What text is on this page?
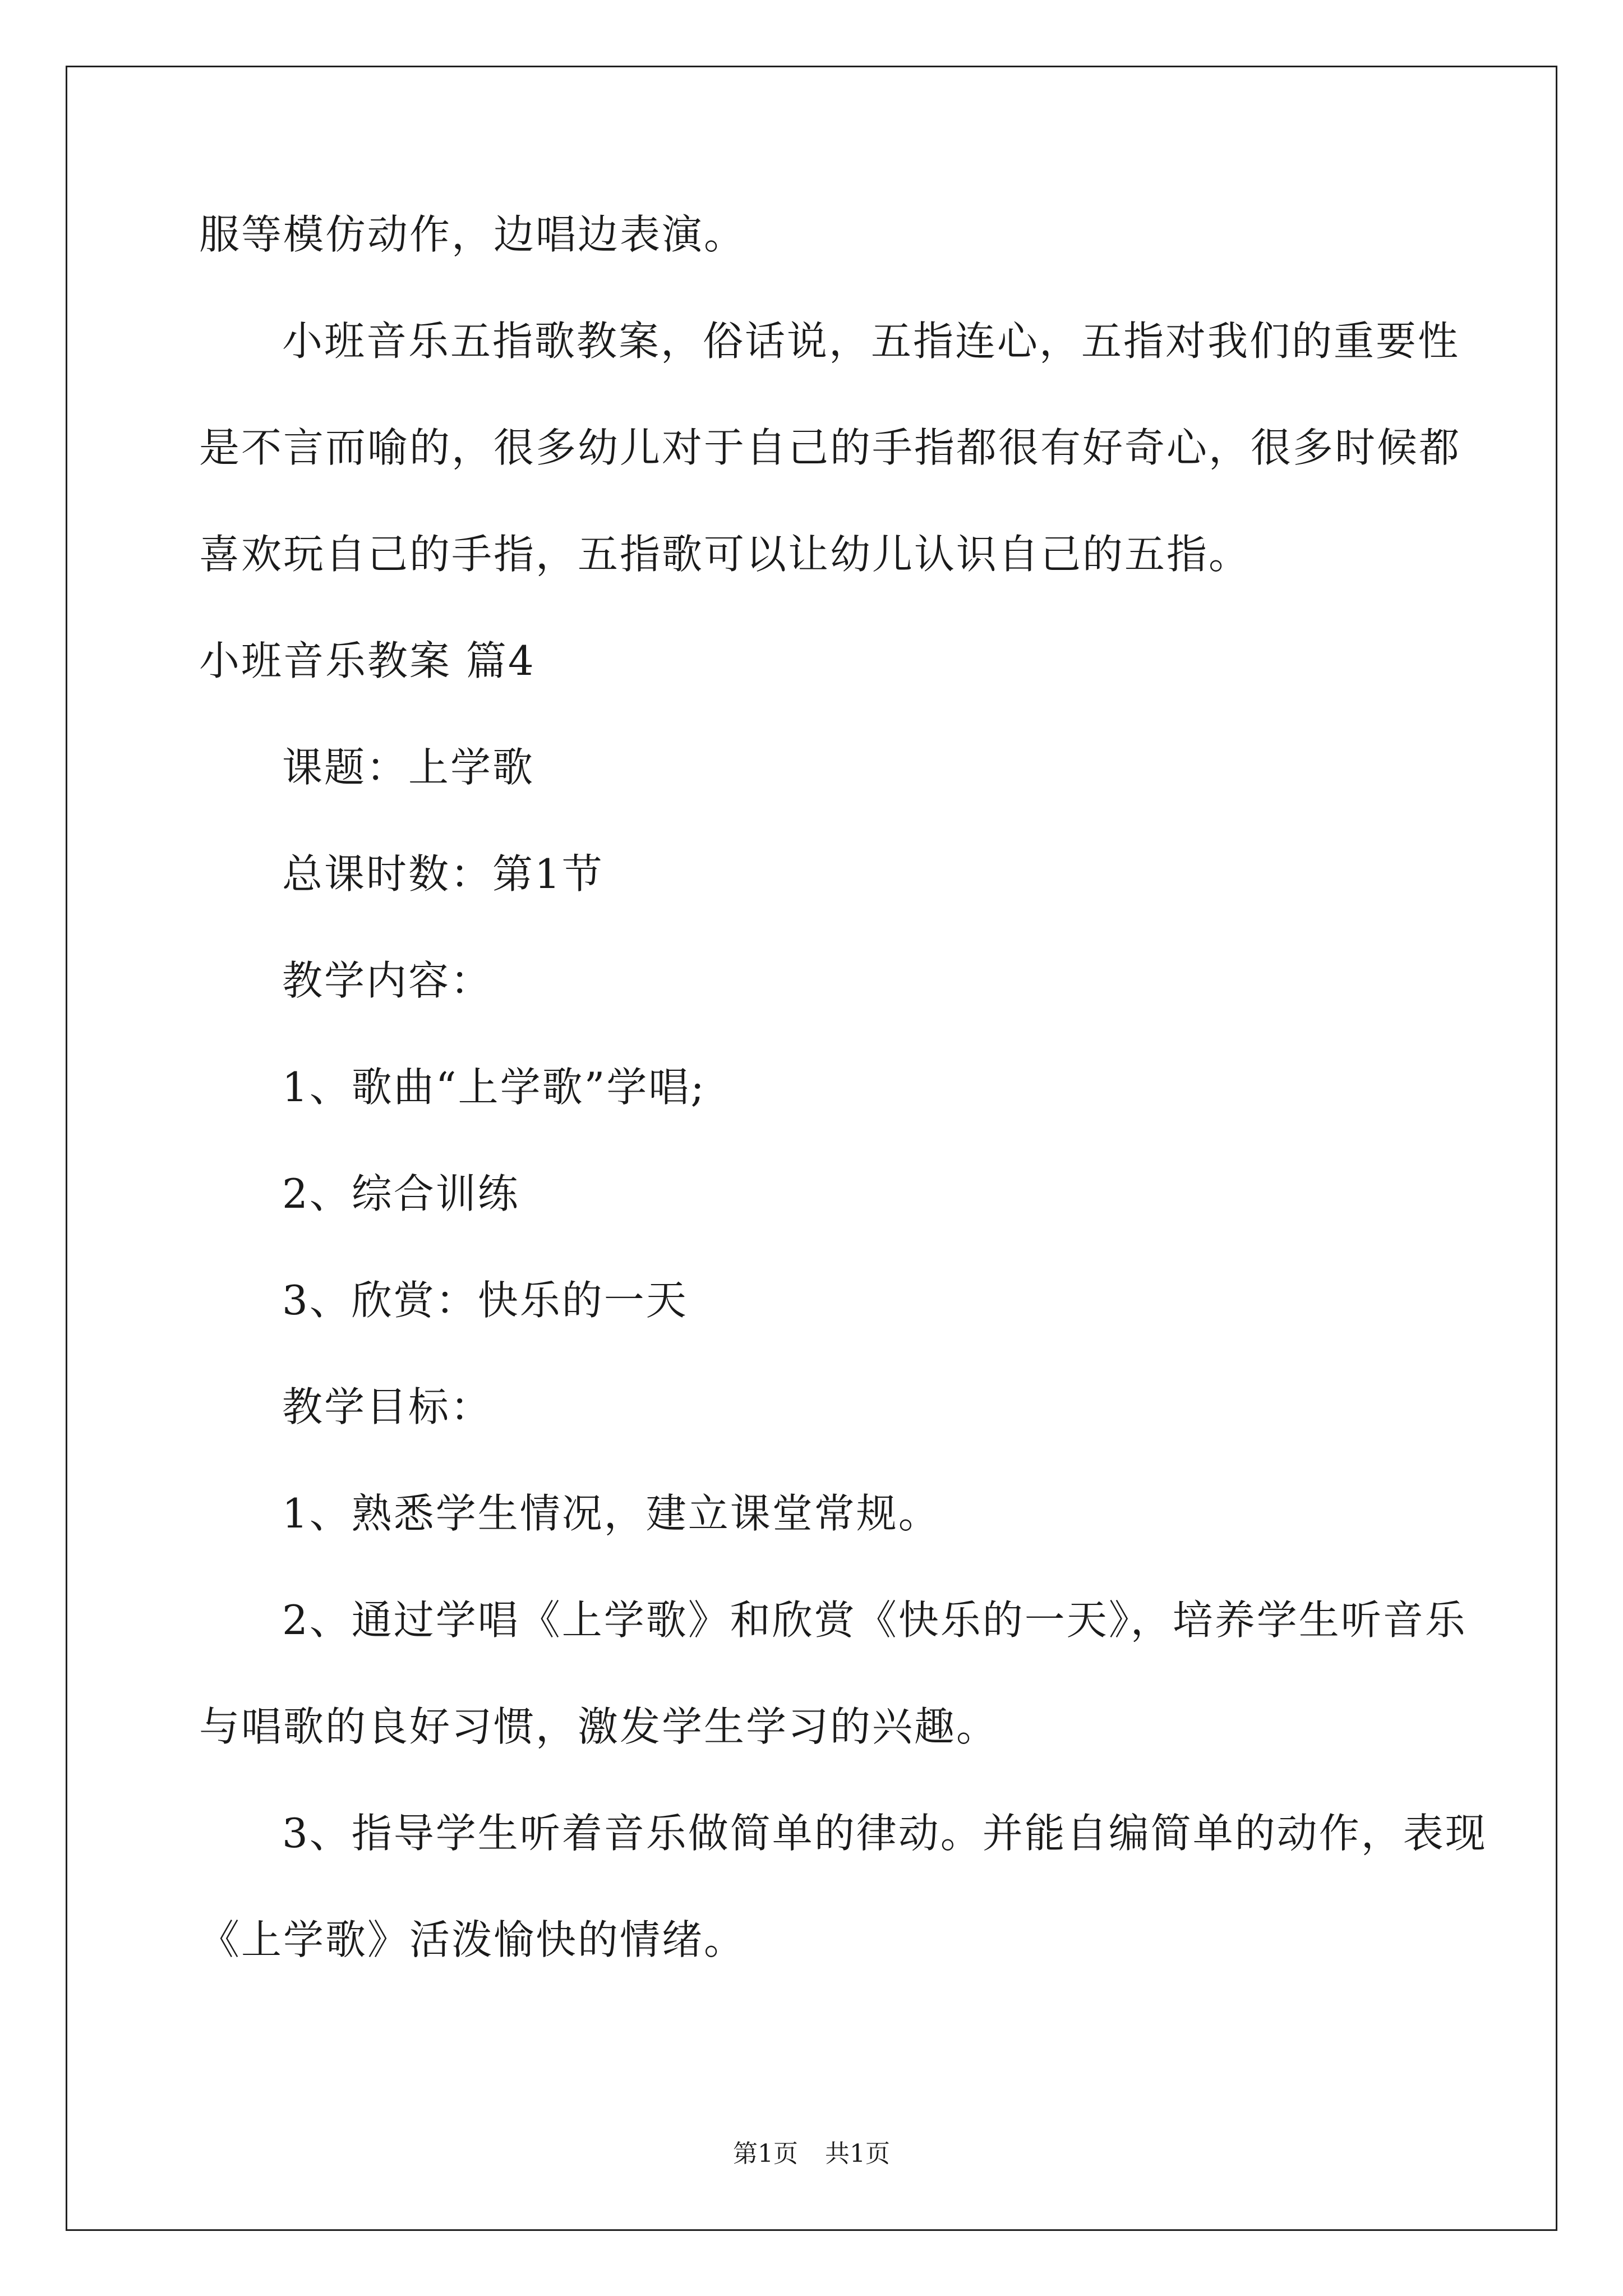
服等模仿动作，边唱边表演。

小班音乐五指歌教案，俗话说，五指连心，五指对我们的重要性

是不言而喻的，很多幼儿对于自己的手指都很有好奇心，很多时候都

喜欢玩自己的手指，五指歌可以让幼儿认识自己的五指。

小班音乐教案 篇4

课题：上学歌

总课时数：第1节

教学内容：

1、歌曲“上学歌”学唱;

2、综合训练

3、欣赏：快乐的一天

教学目标：

1、熟悉学生情况，建立课堂常规。

2、通过学唱《上学歌》和欣赏《快乐的一天》，培养学生听音乐

与唱歌的良好习惯，激发学生学习的兴趣。

3、指导学生听着音乐做简单的律动。并能自编简单的动作，表现

《上学歌》活泼愉快的情绪。

第1页 共1页
